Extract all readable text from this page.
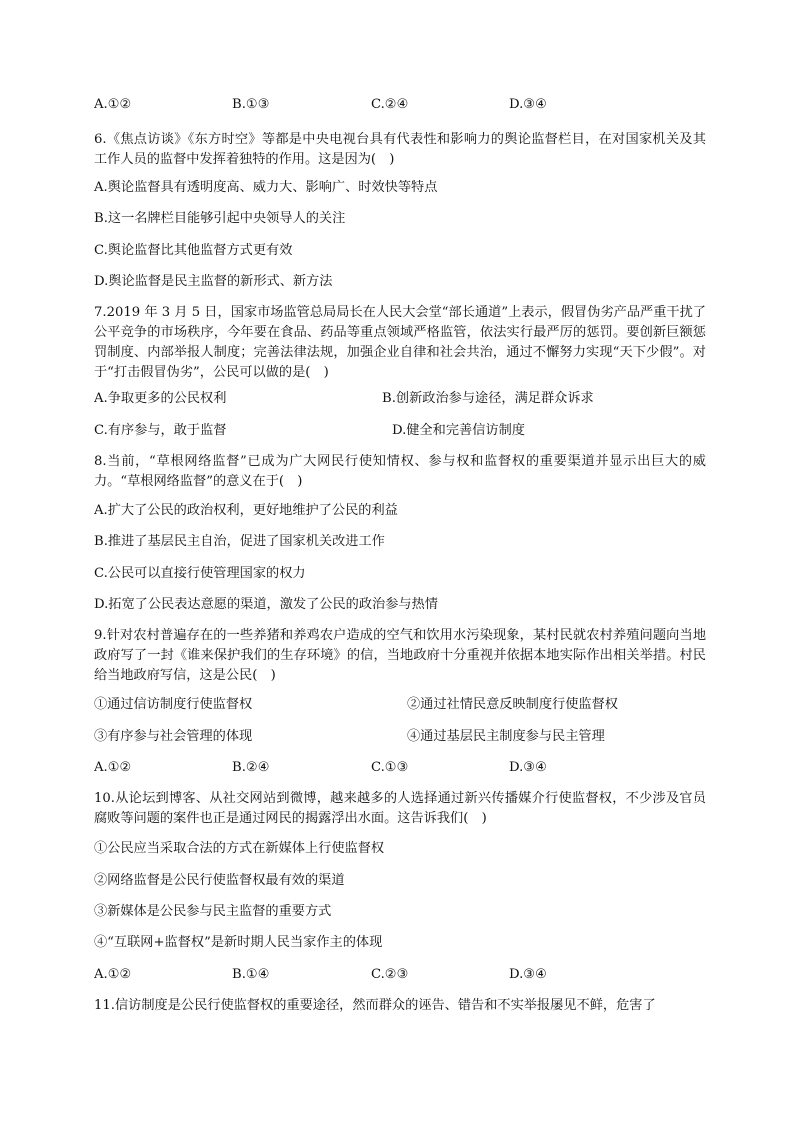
A.①②	B.①③	C.②④	D.③④
6.《焦点访谈》《东方时空》等都是中央电视台具有代表性和影响力的舆论监督栏目，在对国家机关及其工作人员的监督中发挥着独特的作用。这是因为(　)
A.舆论监督具有透明度高、威力大、影响广、时效快等特点
B.这一名牌栏目能够引起中央领导人的关注
C.舆论监督比其他监督方式更有效
D.舆论监督是民主监督的新形式、新方法
7.2019 年 3 月 5 日，国家市场监管总局局长在人民大会堂“部长通道”上表示，假冒伪劣产品严重干扰了公平竞争的市场秩序，今年要在食品、药品等重点领域严格监管，依法实行最严厉的惩罚。要创新巨额惩罚制度、内部举报人制度；完善法律法规，加强企业自律和社会共治，通过不懈努力实现“天下少假”。对于“打击假冒伪劣”，公民可以做的是(　)
A.争取更多的公民权利	B.创新政治参与途径，满足群众诉求
C.有序参与，敢于监督	D.健全和完善信访制度
8.当前，“草根网络监督”已成为广大网民行使知情权、参与权和监督权的重要渠道并显示出巨大的威力。“草根网络监督”的意义在于(　)
A.扩大了公民的政治权利，更好地维护了公民的利益
B.推进了基层民主自治，促进了国家机关改进工作
C.公民可以直接行使管理国家的权力
D.拓宽了公民表达意愿的渠道，激发了公民的政治参与热情
9.针对农村普遍存在的一些养猪和养鸡农户造成的空气和饮用水污染现象，某村民就农村养殖问题向当地政府写了一封《谁来保护我们的生存环境》的信，当地政府十分重视并依据本地实际作出相关举措。村民给当地政府写信，这是公民(　)
①通过信访制度行使监督权	②通过社情民意反映制度行使监督权
③有序参与社会管理的体现	④通过基层民主制度参与民主管理
A.①②	B.②④	C.①③	D.③④
10.从论坛到博客、从社交网站到微博，越来越多的人选择通过新兴传播媒介行使监督权，不少涉及官员腐败等问题的案件也正是通过网民的揭露浮出水面。这告诉我们(　)
①公民应当采取合法的方式在新媒体上行使监督权
②网络监督是公民行使监督权最有效的渠道
③新媒体是公民参与民主监督的重要方式
④“互联网+监督权”是新时期人民当家作主的体现
A.①②	B.①④	C.②③	D.③④
11.信访制度是公民行使监督权的重要途径，然而群众的诬告、错告和不实举报屡见不鲜，危害了
